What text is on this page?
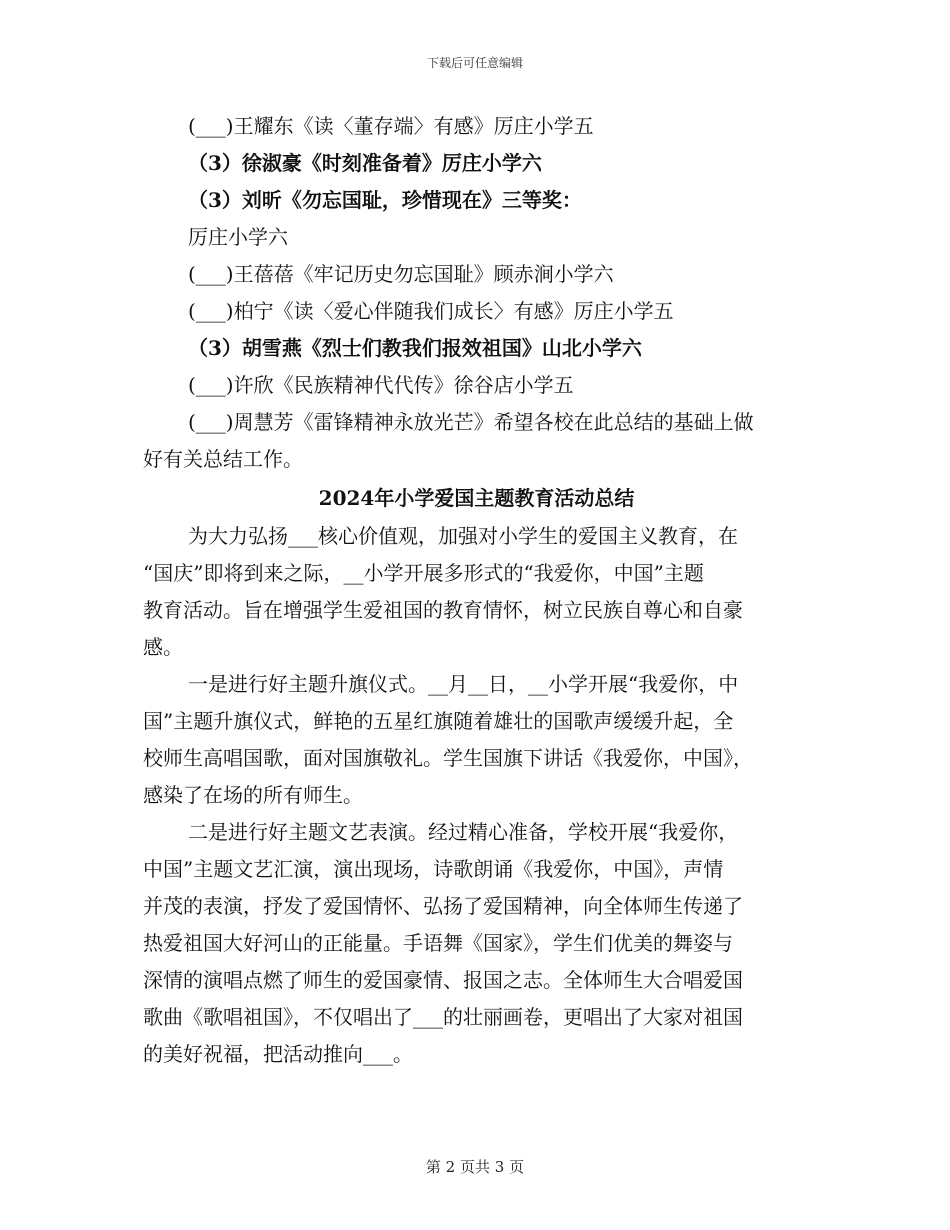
下载后可任意编辑
(___)王耀东《读〈董存端〉有感》厉庄小学五
（3）徐淑豪《时刻准备着》厉庄小学六
（3）刘昕《勿忘国耻，珍惜现在》三等奖：
厉庄小学六
(___)王蓓蓓《牢记历史勿忘国耻》顾赤涧小学六
(___)柏宁《读〈爱心伴随我们成长〉有感》厉庄小学五
（3）胡雪燕《烈士们教我们报效祖国》山北小学六
(___)许欣《民族精神代代传》徐谷店小学五
(___)周慧芳《雷锋精神永放光芒》希望各校在此总结的基础上做
好有关总结工作。
2024年小学爱国主题教育活动总结
为大力弘扬___核心价值观，加强对小学生的爱国主义教育，在
“国庆”即将到来之际，__小学开展多形式的“我爱你，中国”主题
教育活动。旨在增强学生爱祖国的教育情怀，树立民族自尊心和自豪
感。
一是进行好主题升旗仪式。__月__日，__小学开展“我爱你，中
国”主题升旗仪式，鲜艳的五星红旗随着雄壮的国歌声缓缓升起，全
校师生高唱国歌，面对国旗敬礼。学生国旗下讲话《我爱你，中国》，
感染了在场的所有师生。
二是进行好主题文艺表演。经过精心准备，学校开展“我爱你，
中国”主题文艺汇演，演出现场，诗歌朗诵《我爱你，中国》，声情
并茂的表演，抒发了爱国情怀、弘扬了爱国精神，向全体师生传递了
热爱祖国大好河山的正能量。手语舞《国家》，学生们优美的舞姿与
深情的演唱点燃了师生的爱国豪情、报国之志。全体师生大合唱爱国
歌曲《歌唱祖国》，不仅唱出了___的壮丽画卷，更唱出了大家对祖国
的美好祝福，把活动推向___。
第 2 页共 3 页
